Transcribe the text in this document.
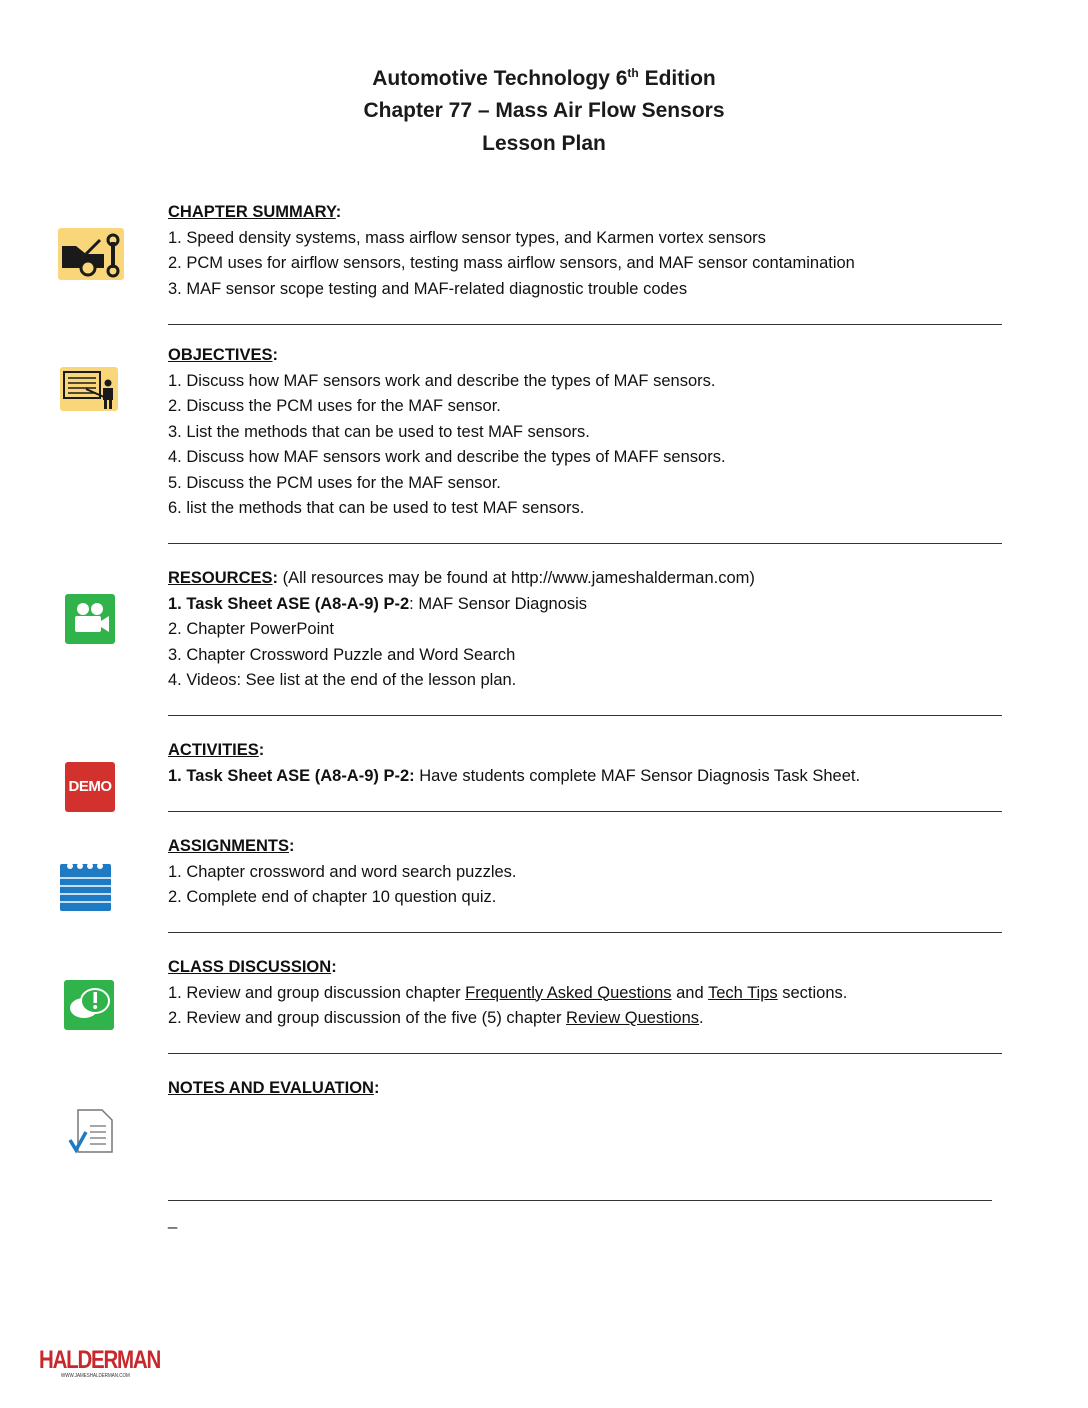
Automotive Technology 6th Edition
Chapter 77 – Mass Air Flow Sensors
Lesson Plan
CHAPTER SUMMARY:
1. Speed density systems, mass airflow sensor types, and Karmen vortex sensors
2. PCM uses for airflow sensors, testing mass airflow sensors, and MAF sensor contamination
3. MAF sensor scope testing and MAF-related diagnostic trouble codes
OBJECTIVES:
1. Discuss how MAF sensors work and describe the types of MAF sensors.
2. Discuss the PCM uses for the MAF sensor.
3. List the methods that can be used to test MAF sensors.
4. Discuss how MAF sensors work and describe the types of MAFF sensors.
5. Discuss the PCM uses for the MAF sensor.
6. list the methods that can be used to test MAF sensors.
RESOURCES: (All resources may be found at http://www.jameshalderman.com)
1. Task Sheet ASE (A8-A-9) P-2: MAF Sensor Diagnosis
2. Chapter PowerPoint
3. Chapter Crossword Puzzle and Word Search
4. Videos: See list at the end of the lesson plan.
DEMO
ACTIVITIES:
1. Task Sheet ASE (A8-A-9) P-2: Have students complete MAF Sensor Diagnosis Task Sheet.
ASSIGNMENTS:
1. Chapter crossword and word search puzzles.
2. Complete end of chapter 10 question quiz.
CLASS DISCUSSION:
1. Review and group discussion chapter Frequently Asked Questions and Tech Tips sections.
2. Review and group discussion of the five (5) chapter Review Questions.
NOTES AND EVALUATION:
_
HALDERMAN
WWW.JAMESHALDERMAN.COM
